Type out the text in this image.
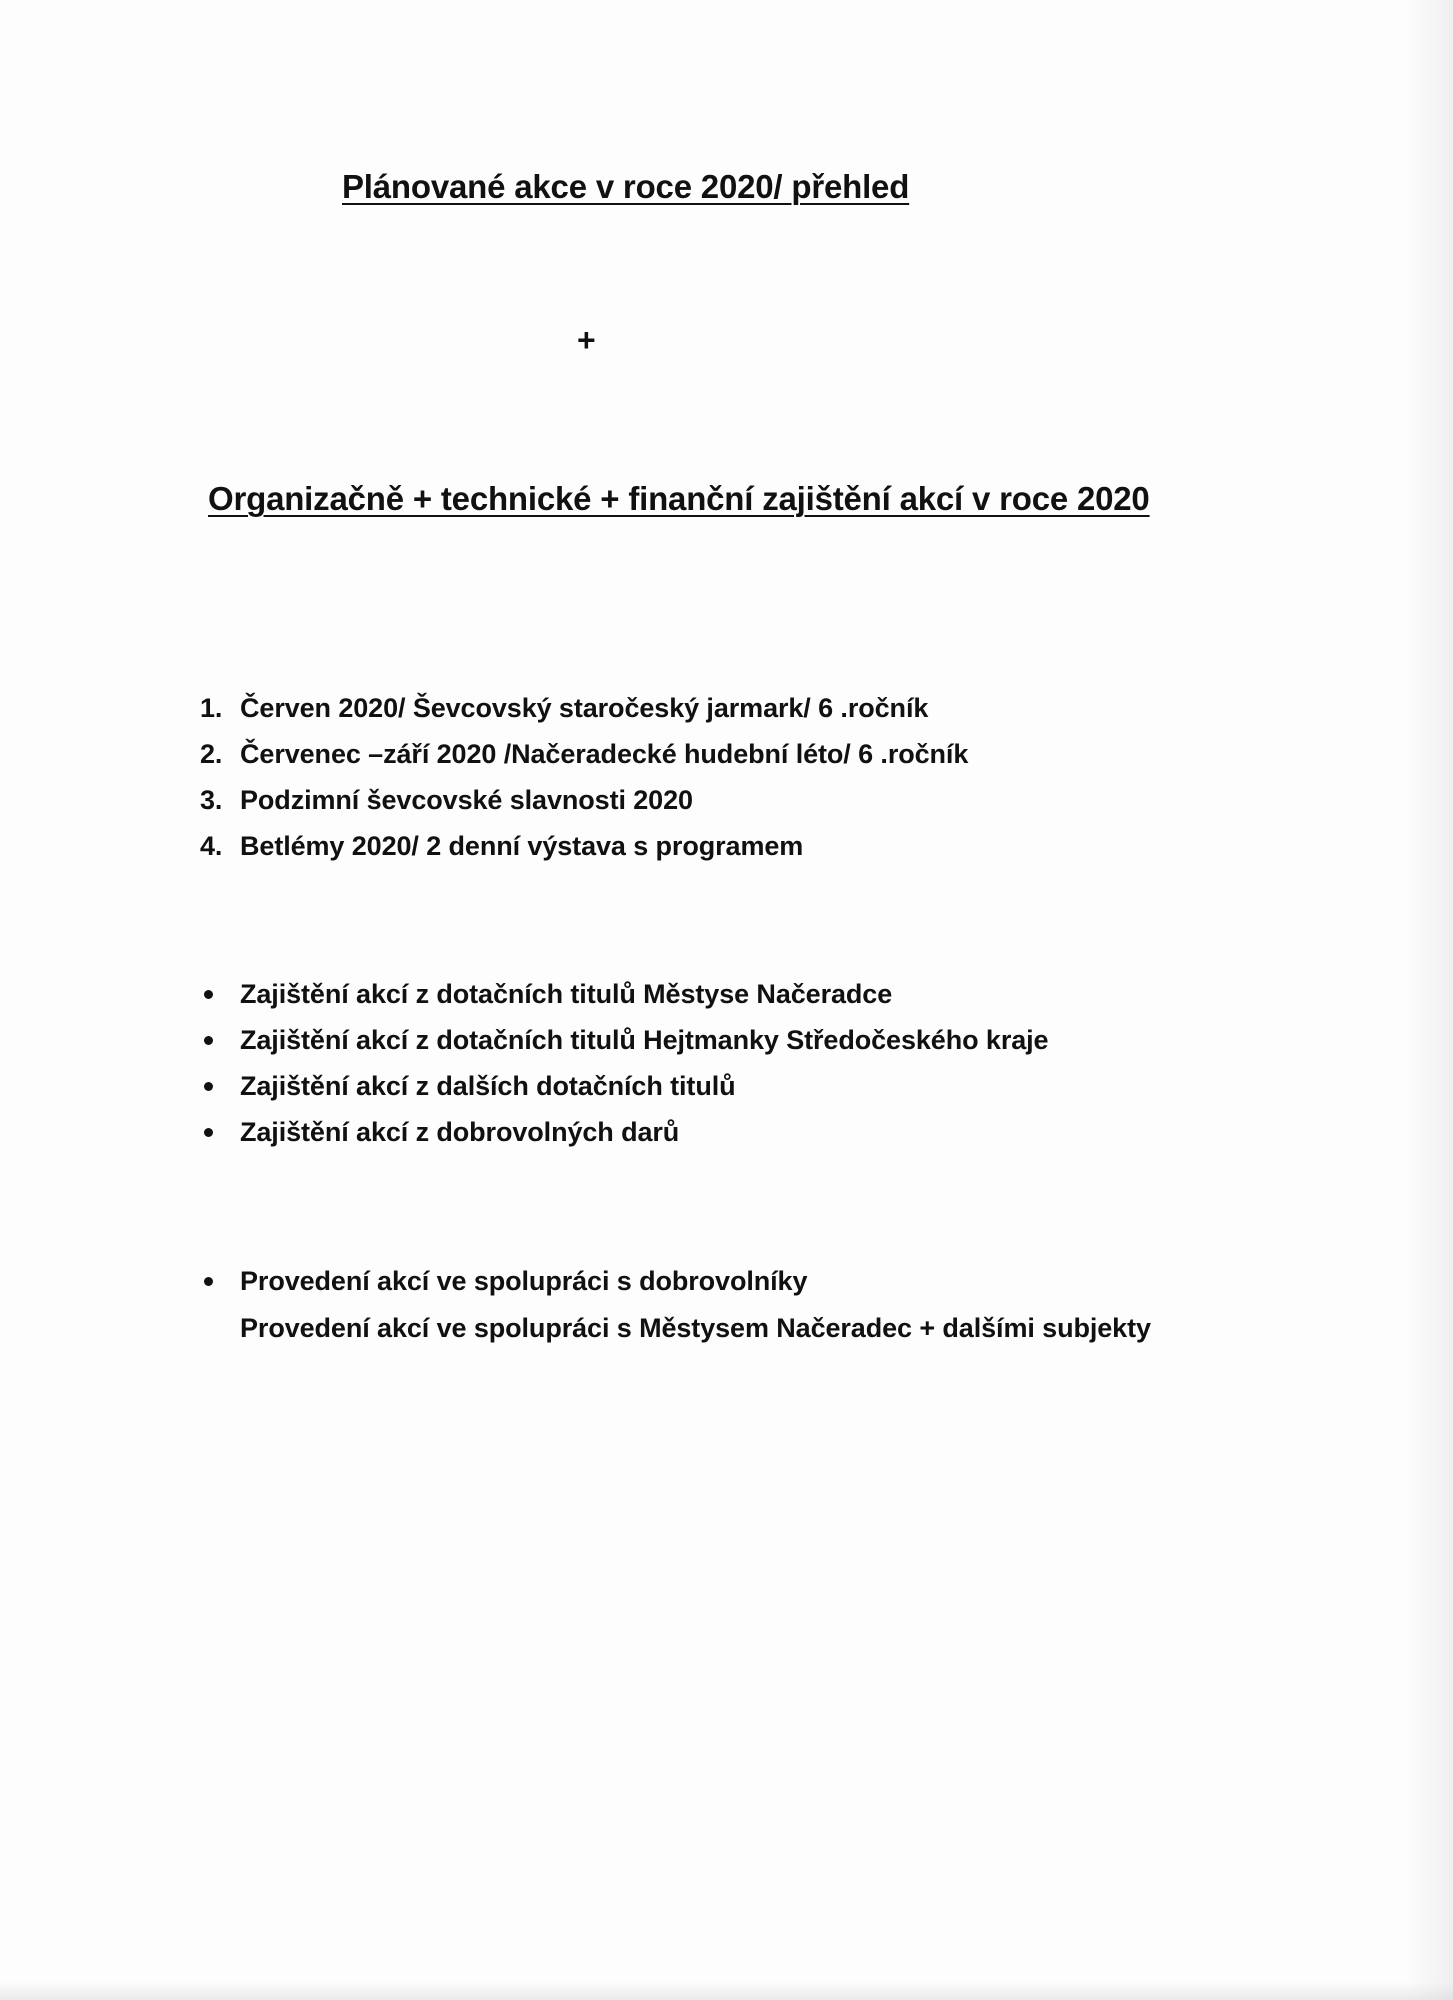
Plánované akce v roce 2020/ přehled
+
Organizačně + technické + finanční zajištění akcí v roce 2020
1. Červen 2020/ Ševcovský staročeský jarmark/ 6 .ročník
2. Červenec –září 2020 /Načeradecké hudební léto/ 6 .ročník
3. Podzimní ševcovské slavnosti 2020
4. Betlémy 2020/ 2 denní výstava s programem
Zajištění akcí z dotačních titulů Městyse Načeradce
Zajištění akcí z dotačních titulů Hejtmanky Středočeského kraje
Zajištění akcí z dalších dotačních titulů
Zajištění akcí z dobrovolných darů
Provedení akcí ve spolupráci s dobrovolníky
Provedení akcí ve spolupráci s Městysem Načeradec + dalšími subjekty
